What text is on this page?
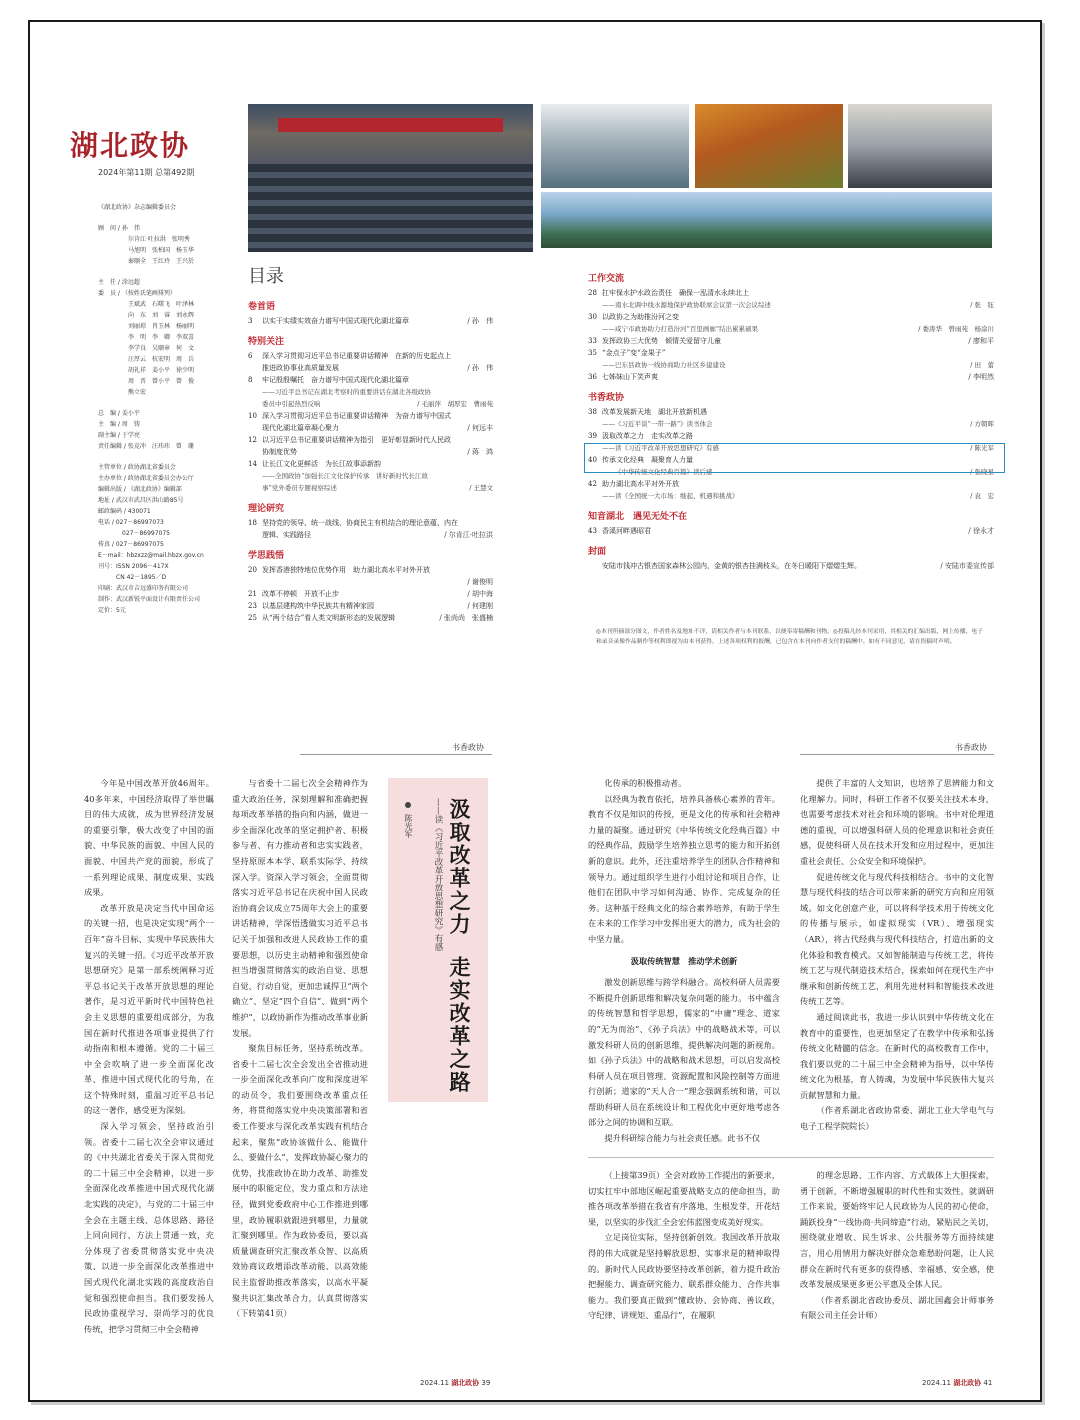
湖北政协
2024年第11期 总第492期
《湖北政协》杂志编辑委员会
顾　问 / 孙　伟
　　　　　尔肯江·吐拉洪　张明秀
　　　　　马旭明　张柏国　杨玉华
　　　　　秦顺全　王红玲　王兴於
主　任 / 涂远超
委　员 / （按姓氏笔画排列）
　　　　　王斌武　石曙飞　叶泽林
　　　　　向　东　刘　睿　刘永辉
　　　　　刘丽琼　肖玉林　杨丽明
　　　　　李　明　李　卿　李双喜
　　　　　李学良　吴顺章　何　文
　　　　　汪厚云　杭宏明　周　兵
　　　　　胡礼祥　姜小平　徐少明
　　　　　周　晋　曾小平　曾　俊
　　　　　熊立宏
总　编 / 姜小平
主　编 / 周　铸
副主编 / 于学亮
责任编辑 / 张竞冲　汪玮玮　曾　珊
主管单位 / 政协湖北省委员会
主办单位 / 政协湖北省委员会办公厅
编辑出版 / 《湖北政协》编辑部
地址 / 武汉市武昌区洪山路85号
邮政编码 / 430071
电话 / 027－86997073
　　　　027－86997075
传真 / 027－86997075
E－mail：hbzxzz@mail.hbzx.gov.cn
刊号：ISSN 2096－417X
　　　CN 42－1895／D
印刷：武汉市吉远盛印务有限公司
制作：武汉新锐平面设计有限责任公司
定价：5元
目录
卷首语
3 以实干实绩实效奋力谱写中国式现代化湖北篇章	/ 孙　伟
特别关注
6 深入学习贯彻习近平总书记重要讲话精神　在新的历史起点上
推进政协事业高质量发展	/ 孙　伟
8 牢记殷殷嘱托　奋力谱写中国式现代化湖北篇章
——习近平总书记在湖北考察时的重要讲话在湖北各级政协
委员中引起热烈反响	/ 毛丽萍　胡厚宏　曹雨苑
10 深入学习贯彻习近平总书记重要讲话精神　为奋力谱写中国式
现代化湖北篇章凝心聚力	/ 何远丰
12 以习近平总书记重要讲话精神为指引　更好彰显新时代人民政
协制度优势	/ 蒋　鸿
14 让长江文化更鲜活　为长江故事添新韵
——全国政协“加强长江文化保护传承　讲好新时代长江故
事”党外委员专题视察综述	/ 王慧文
理论研究
18 坚持党的领导、统一战线、协商民主有机结合的理论意蕴、内在
逻辑、实践路径	/ 尔肯江·吐拉洪
学思践悟
20 发挥香港独特地位优势作用　助力湖北高水平对外开放
/ 谢俊明
21 改革不停顿　开放不止步	/ 胡中海
23 以基层建构筑中华民族共有精神家园	/ 何建刚
25 从“两个结合”看人类文明新形态的发展逻辑	/ 张尚尚　张盛楠
工作交流
28 扛牢保水护水政治责任　确保一泓清水永续北上
——南水北调中线水源地保护政协联席会议第一次会议综述	/ 张　钰
30 以政协之为助推汾河之变
——咸宁市政协助力打造汾河“百里画廊”结出累累硕果	/ 娄涛华　曾雨苑　杨涂川
33 发挥政协三大优势　倾情关爱留守儿童	/ 廖和平
35 “金点子”变“金果子”
——巴东县政协一线协商助力社区乡建建设	/ 田　蕾
36 七姊妹山下笑声爽	/ 李明然
书香政协
38 改革发展新天地　湖北开放新机遇
——《习近平谈“一带一路”》读书体会	/ 方朝晖
39 汲取改革之力　走实改革之路
——读《习近平改革开放思想研究》有感	/ 陈光军
40 传承文化经典　凝聚育人力量
——《中华传统文化经典百篇》读后感	/ 张晓星
42 助力湖北高水平对外开放
——读《全国统一大市场：继起、机遇和挑战》	/ 袁　宏
知音湖北　遇见无处不在
43 香溪河畔遇昭君	/ 徐永才
封面
安陆市钱冲古银杏国家森林公园内，金黄的银杏挂满枝头，在冬日暖阳下熠熠生辉。	/ 安陆市委宣传部
◎本刊所摘部分图文，作者姓名及地址不详，请相关作者与本刊联系，以便奉寄稿酬和刊物。◎投稿凡经本刊采用，其相关的汇编出版、网上传播、电子和录音录像作品制作等权利即视为由本刊获得，上述各项权利的报酬，已包含在本刊向作者支付的稿酬中。如有不同意见，请在投稿时声明。
书香政协	书香政协

今年是中国改革开放46周年。40多年来，中国经济取得了举世瞩目的伟大成就，成为世界经济发展的重要引擎，极大改变了中国的面貌、中华民族的面貌、中国人民的面貌、中国共产党的面貌，形成了一系列理论成果、制度成果、实践成果。

改革开放是决定当代中国命运的关键一招，也是决定实现“两个一百年”奋斗目标、实现中华民族伟大复兴的关键一招。《习近平改革开放思想研究》是第一部系统阐释习近平总书记关于改革开放思想的理论著作，是习近平新时代中国特色社会主义思想的重要组成部分，为我国在新时代推进各项事业提供了行动指南和根本遵循。党的二十届三中全会吹响了进一步全面深化改革、推进中国式现代化的号角，在这个特殊时刻，重温习近平总书记的这一著作，感受更为深刻。

深入学习领会，坚持政治引领。省委十二届七次全会审议通过的《中共湖北省委关于深入贯彻党的二十届三中全会精神，以进一步全面深化改革推进中国式现代化湖北实践的决定》，与党的二十届三中全会在主题主线、总体思路、路径上同向同行、方法上贯通一致，充分体现了省委贯彻落实党中央决策、以进一步全面深化改革推进中国式现代化湖北实践的高度政治自觉和强烈使命担当。我们要发扬人民政协重视学习、崇尚学习的优良传统，把学习贯彻三中全会精神

与省委十二届七次全会精神作为重大政治任务，深刻理解和准确把握每项改革举措的指向和内涵，做进一步全面深化改革的坚定拥护者、积极参与者、有力推动者和忠实实践者，坚持原原本本学、联系实际学、持续深入学。资深入学习领会，全面贯彻落实习近平总书记在庆祝中国人民政治协商会议成立75周年大会上的重要讲话精神，学深悟透做实习近平总书记关于加强和改进人民政协工作的重要思想，以历史主动精神和强烈使命担当增强贯彻落实的政治自觉、思想自觉、行动自觉，更加忠诚捍卫“两个确立”、坚定“四个自信”、做到“两个维护”，以政协新作为推动改革事业新发展。

聚焦目标任务，坚持系统改革。省委十二届七次全会发出全省推动进一步全面深化改革向广度和深度进军的动员令，我们要围绕改革重点任务，将贯彻落实党中央决策部署和省委工作要求与深化改革实践有机结合起来，聚焦“政协该做什么、能做什么、要做什么”，发挥政协凝心聚力的优势，找准政协在助力改革、助推发展中的职能定位，发力重点和方法途径，做到党委政府中心工作推进到哪里，政协履职就跟进到哪里，力量就汇聚到哪里。作为政协委员，要以高质量调查研究汇聚改革众智、以高质效协商议政增添改革动能、以高效能民主监督助推改革落实，以高水平凝聚共识汇集改革合力，认真贯彻落实（下转第41页）

汲取改革之力
走实改革之路
——读《习近平改革开放思想研究》有感
陈光军

化传承的积极推动者。

以经典为教育依托，培养具备核心素养的青年。教育不仅是知识的传授，更是文化的传承和社会精神力量的凝聚。通过研究《中华传统文化经典百篇》中的经典作品，鼓励学生培养独立思考的能力和开拓创新的意识。此外，还注重培养学生的团队合作精神和领导力。通过组织学生进行小组讨论和项目合作，让他们在团队中学习如何沟通、协作、完成复杂的任务。这种基于经典文化的综合素养培养，有助于学生在未来的工作学习中发挥出更大的潜力，成为社会的中坚力量。

汲取传统智慧　推动学术创新

激发创新思维与跨学科融合。高校科研人员需要不断提升创新思维和解决复杂问题的能力。书中蕴含的传统智慧和哲学思想，儒家的“中庸”理念、道家的“无为而治”、《孙子兵法》中的战略战术等，可以激发科研人员的创新思维，提供解决问题的新视角。如《孙子兵法》中的战略和战术思想，可以启发高校科研人员在项目管理、资源配置和风险控制等方面进行创新；道家的“天人合一”理念强调系统和谐，可以帮助科研人员在系统设计和工程优化中更好地考虑各部分之间的协调和互联。

提升科研综合能力与社会责任感。此书不仅

提供了丰富的人文知识，也培养了思辨能力和文化理解力。同时，科研工作者不仅要关注技术本身，也需要考虑技术对社会和环境的影响。书中对伦理道德的重视，可以增强科研人员的伦理意识和社会责任感，促使科研人员在技术开发和应用过程中，更加注重社会责任、公众安全和环境保护。

促进传统文化与现代科技相结合。书中的文化智慧与现代科技的结合可以带来新的研究方向和应用领域。如文化创意产业，可以将科学技术用于传统文化的传播与展示，如虚拟现实（VR）、增强现实（AR），将古代经典与现代科技结合，打造出新的文化体验和教育模式。又如智能制造与传统工艺，将传统工艺与现代制造技术结合，探索如何在现代生产中继承和创新传统工艺，利用先进材料和智能技术改进传统工艺等。

通过阅读此书，我进一步认识到中华传统文化在教育中的重要性，也更加坚定了在教学中传承和弘扬传统文化精髓的信念。在新时代的高校教育工作中，我们要以党的二十届三中全会精神为指导，以中华传统文化为根基，育人铸魂，为发展中华民族伟大复兴贡献智慧和力量。

（作者系湖北省政协常委、湖北工业大学电气与电子工程学院院长）

（上接第39页）全会对政协工作提出的新要求，切实扛牢中部地区崛起重要战略支点的使命担当，助推各项改革举措在我省有序落地、生根发芽、开花结果，以坚实的步伐汇全会宏伟蓝图变成美好现实。

立足岗位实际，坚持创新创效。我国改革开放取得的伟大成就是坚持解放思想、实事求是的精神取得的。新时代人民政协要坚持改革创新，着力提升政治把握能力、调查研究能力、联系群众能力、合作共事能力。我们要真正做到“懂政协、会协商、善议政，守纪律、讲规矩、重品行”，在履职

的理念思路、工作内容、方式载体上大胆探索，勇于创新，不断增强履职的时代性和实效性。就调研工作来说，要始终牢记人民政协为人民的初心使命，踊跃投身“一线协商·共同缔造”行动，紧贴民之关切，围绕就业增收、民生诉求、公共服务等方面持续建言，用心用情用力解决好群众急难愁盼问题，让人民群众在新时代有更多的获得感、幸福感、安全感，使改革发展成果更多更公平惠及全体人民。

（作者系湖北省政协委员、湖北国鑫会计师事务有限公司主任会计师）

2024.11 湖北政协 39	2024.11 湖北政协 41
